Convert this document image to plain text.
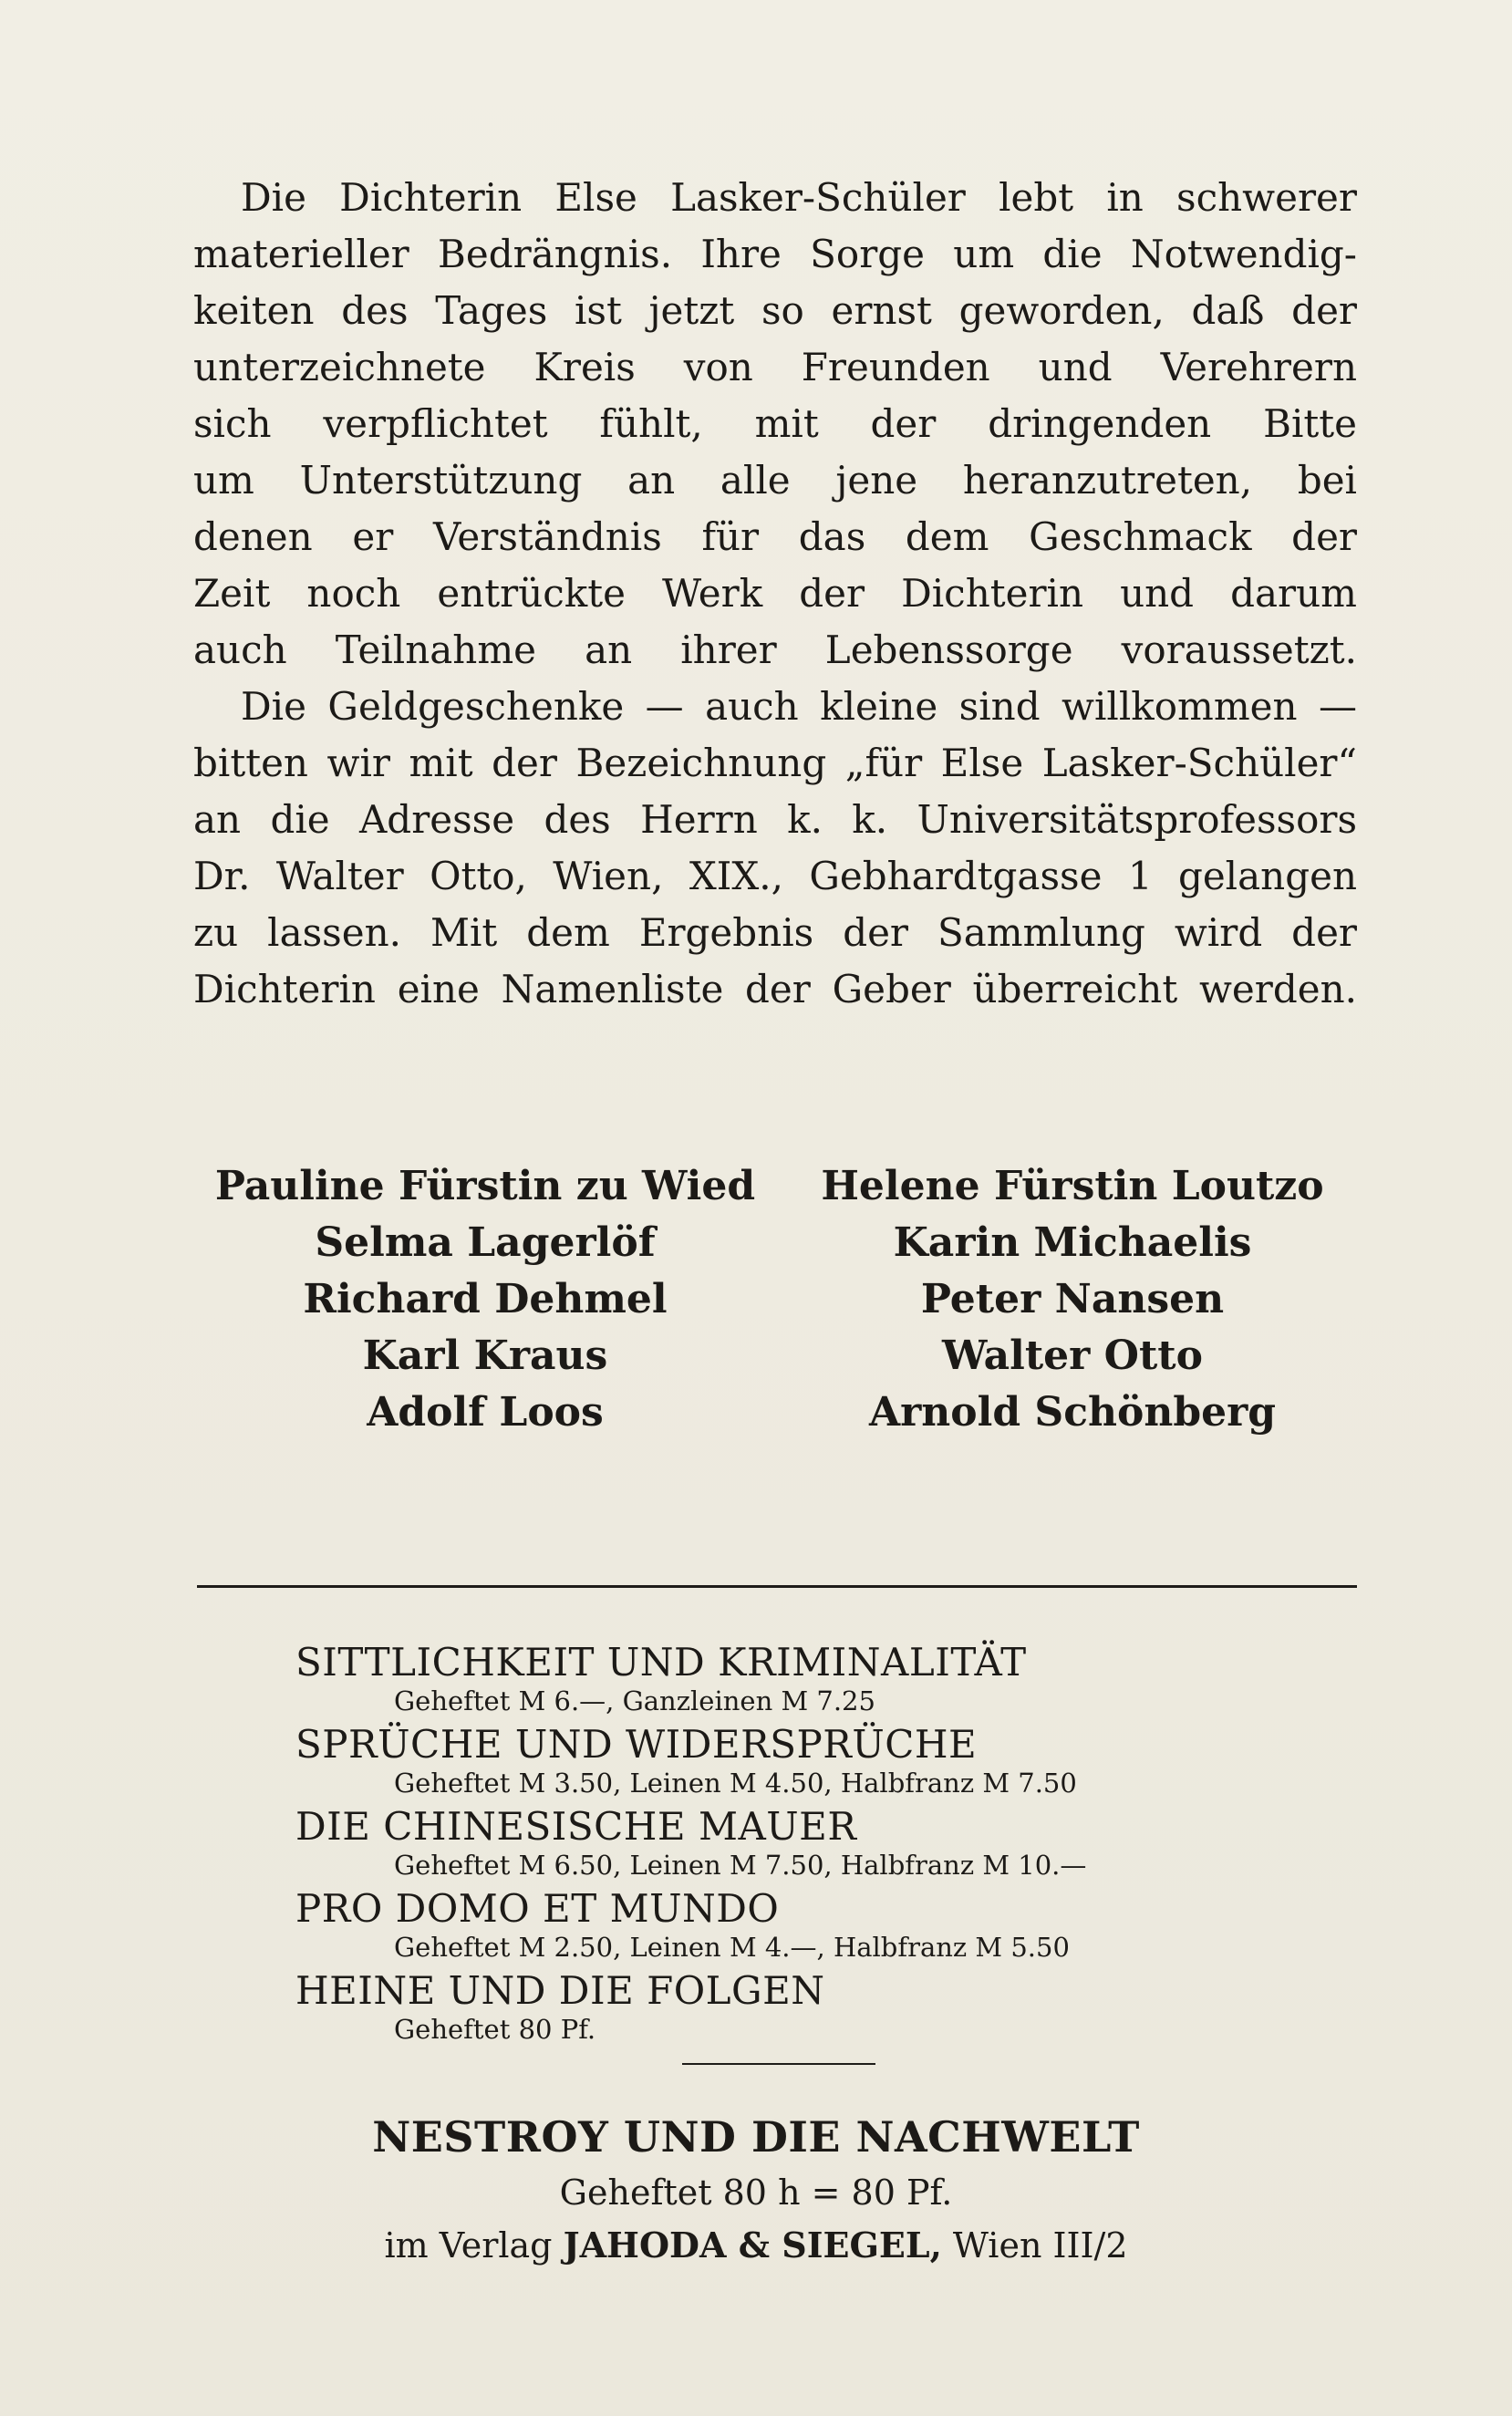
Die Dichterin Else Lasker-Schüler lebt in schwerer
materieller Bedrängnis. Ihre Sorge um die Notwendig-
keiten des Tages ist jetzt so ernst geworden, daß der
unterzeichnete Kreis von Freunden und Verehrern
sich verpflichtet fühlt, mit der dringenden Bitte
um Unterstützung an alle jene heranzutreten, bei
denen er Verständnis für das dem Geschmack der
Zeit noch entrückte Werk der Dichterin und darum
auch Teilnahme an ihrer Lebenssorge voraussetzt.
Die Geldgeschenke — auch kleine sind willkommen —
bitten wir mit der Bezeichnung „für Else Lasker-Schüler“
an die Adresse des Herrn k. k. Universitätsprofessors
Dr. Walter Otto, Wien, XIX., Gebhardtgasse 1 gelangen
zu lassen. Mit dem Ergebnis der Sammlung wird der
Dichterin eine Namenliste der Geber überreicht werden.
Pauline Fürstin zu Wied
Selma Lagerlöf
Richard Dehmel
Karl Kraus
Adolf Loos
Helene Fürstin Loutzo
Karin Michaelis
Peter Nansen
Walter Otto
Arnold Schönberg
SITTLICHKEIT UND KRIMINALITÄT
Geheftet M 6.—, Ganzleinen M 7.25
SPRÜCHE UND WIDERSPRÜCHE
Geheftet M 3.50, Leinen M 4.50, Halbfranz M 7.50
DIE CHINESISCHE MAUER
Geheftet M 6.50, Leinen M 7.50, Halbfranz M 10.—
PRO DOMO ET MUNDO
Geheftet M 2.50, Leinen M 4.—, Halbfranz M 5.50
HEINE UND DIE FOLGEN
Geheftet 80 Pf.
NESTROY UND DIE NACHWELT
Geheftet 80 h = 80 Pf.
im Verlag JAHODA & SIEGEL, Wien III/2
